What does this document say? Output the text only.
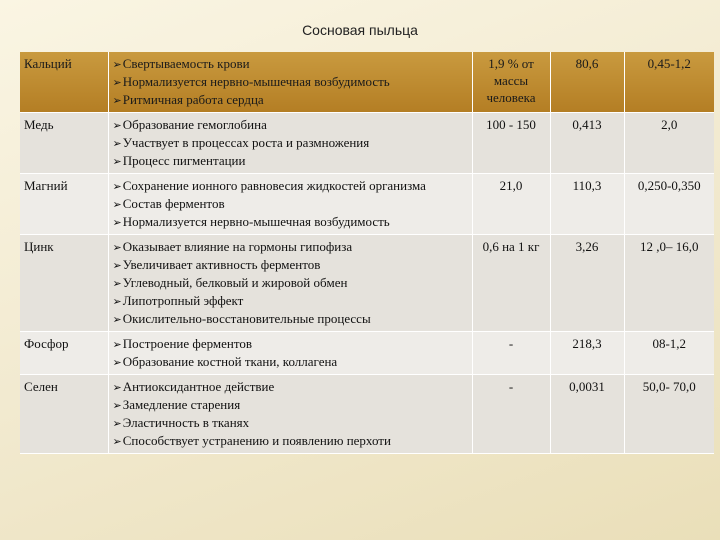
Сосновая пыльца
Кальций	➢Свертываемость крови
➢Нормализуется нервно-мышечная возбудимость
➢Ритмичная работа сердца	1,9 % от массы человека	80,6	0,45-1,2
Медь	➢Образование гемоглобина
➢Участвует в процессах роста и размножения
➢Процесс пигментации	100 - 150	0,413	2,0
Магний	➢Сохранение ионного равновесия жидкостей организма
➢Состав ферментов
➢Нормализуется нервно-мышечная возбудимость	21,0	110,3	0,250-0,350
Цинк	➢Оказывает влияние на гормоны гипофиза
➢Увеличивает активность ферментов
➢Углеводный, белковый и жировой обмен
➢Липотропный эффект
➢Окислительно-восстановительные процессы	0,6 на 1 кг	3,26	12 ,0– 16,0
Фосфор	➢Построение ферментов
➢Образование костной ткани, коллагена	-	218,3	08-1,2
Селен	➢Антиоксидантное действие
➢Замедление старения
➢Эластичность в тканях
➢Способствует устранению и появлению перхоти	-	0,0031	50,0- 70,0
